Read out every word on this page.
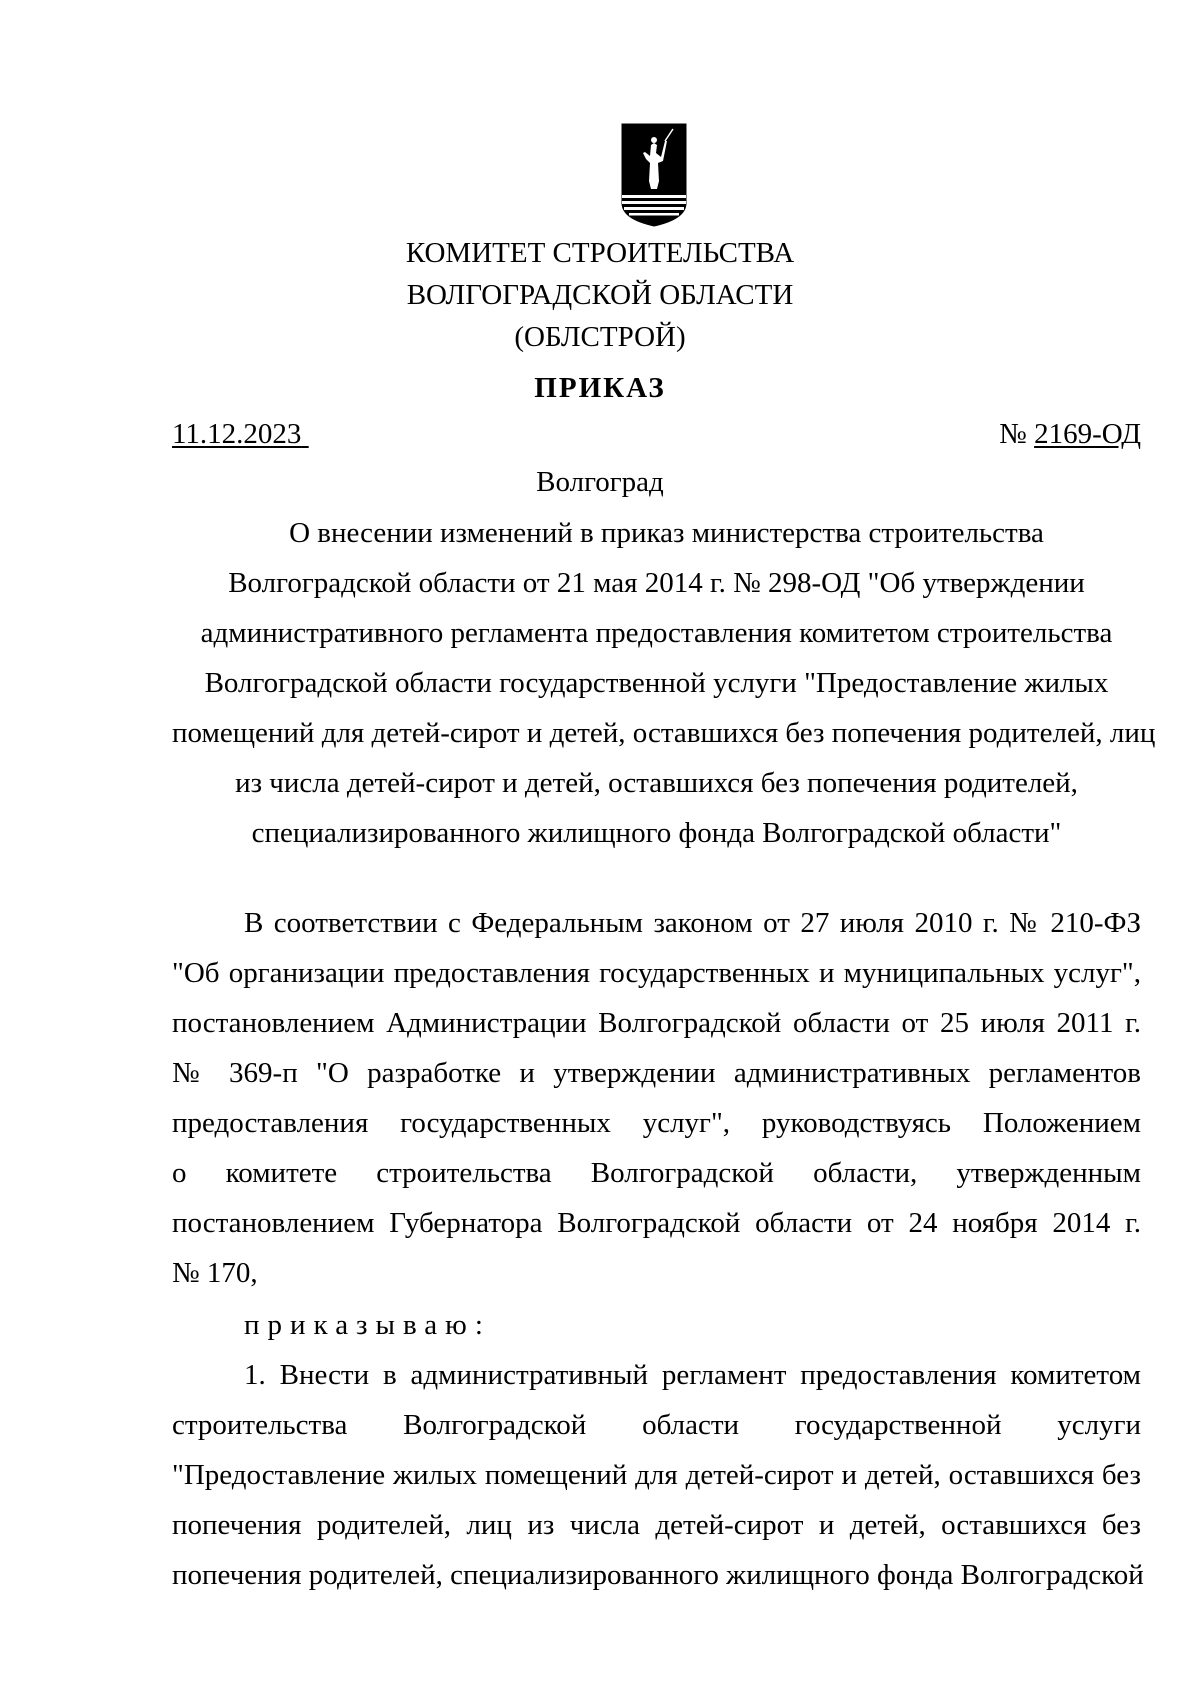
КОМИТЕТ СТРОИТЕЛЬСТВА
ВОЛГОГРАДСКОЙ ОБЛАСТИ
(ОБЛСТРОЙ)
ПРИКАЗ
11.12.2023	№ 2169-ОД
Волгоград
О внесении изменений в приказ министерства строительства
Волгоградской области от 21 мая 2014 г. № 298-ОД "Об утверждении
административного регламента предоставления комитетом строительства
Волгоградской области государственной услуги "Предоставление жилых
помещений для детей-сирот и детей, оставшихся без попечения родителей, лиц
из числа детей-сирот и детей, оставшихся без попечения родителей,
специализированного жилищного фонда Волгоградской области"
В соответствии с Федеральным законом от 27 июля 2010 г. № 210-ФЗ
"Об организации предоставления государственных и муниципальных услуг",
постановлением Администрации Волгоградской области от 25 июля 2011 г.
№ 369-п "О разработке и утверждении административных регламентов
предоставления государственных услуг", руководствуясь Положением
о комитете строительства Волгоградской области, утвержденным
постановлением Губернатора Волгоградской области от 24 ноября 2014 г.
№ 170,
приказываю:
1. Внести в административный регламент предоставления комитетом
строительства Волгоградской области государственной услуги
"Предоставление жилых помещений для детей-сирот и детей, оставшихся без
попечения родителей, лиц из числа детей-сирот и детей, оставшихся без
попечения родителей, специализированного жилищного фонда Волгоградской
